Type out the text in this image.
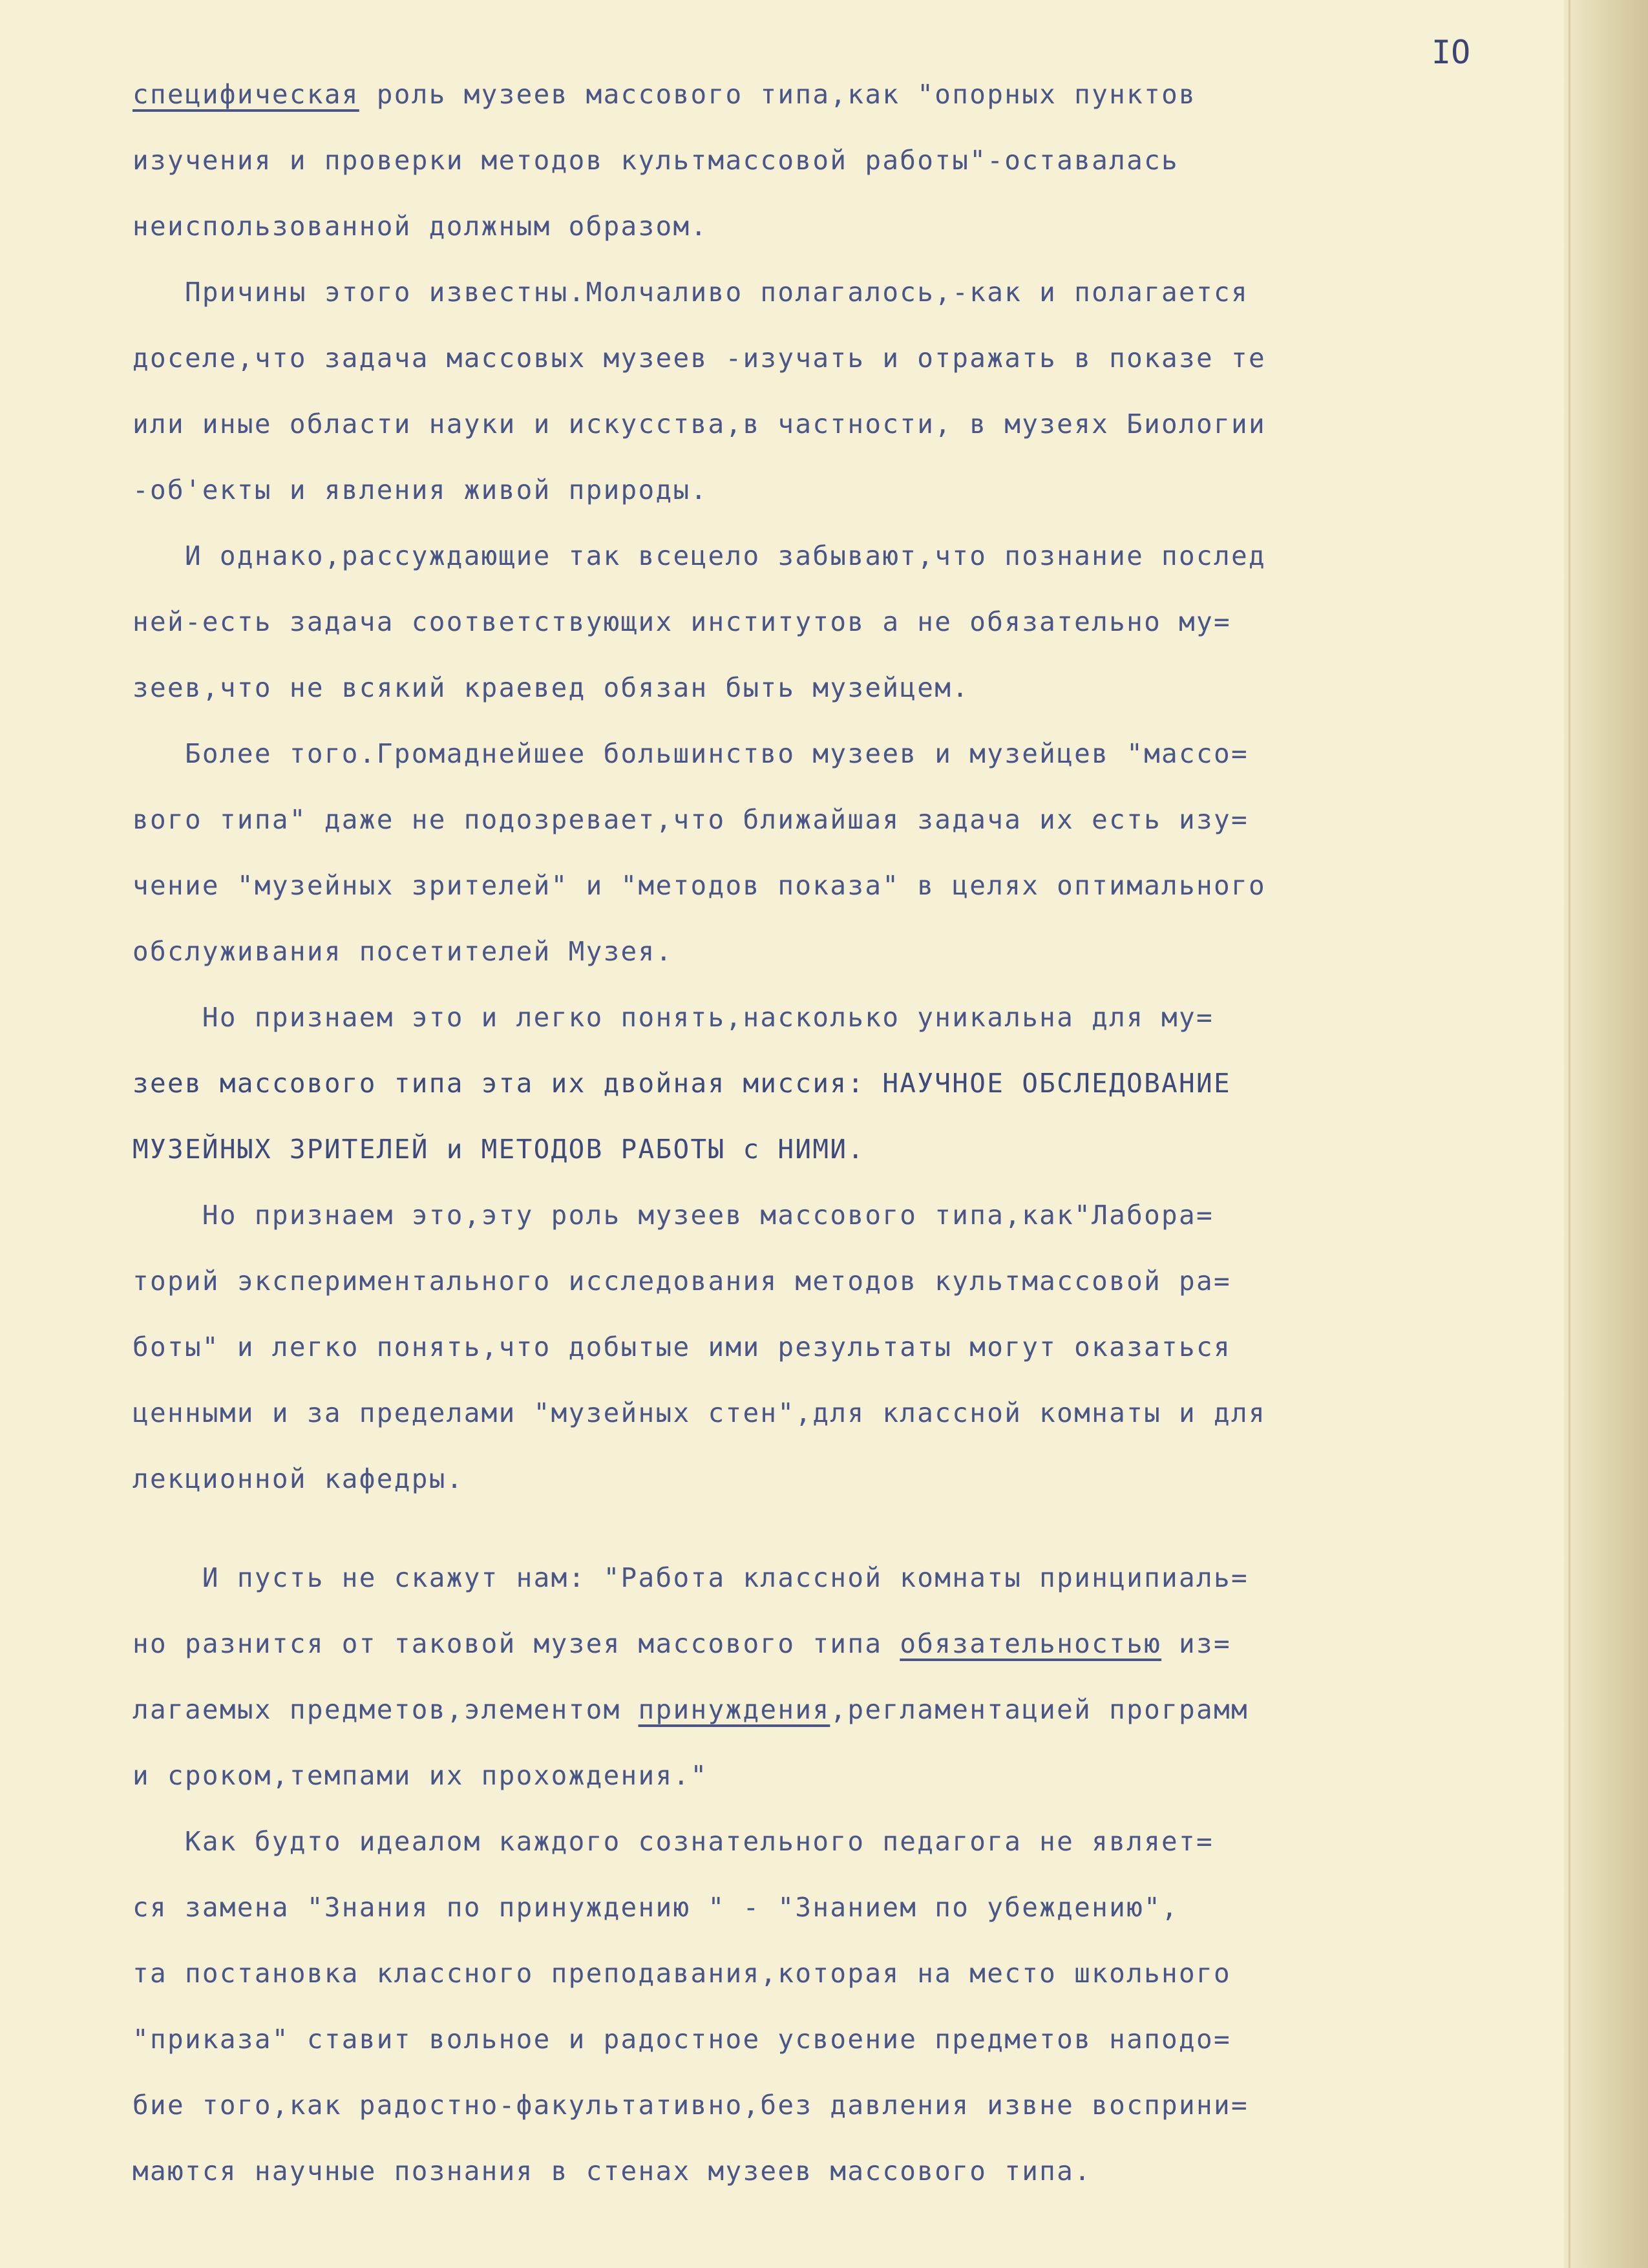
IO
специфическая роль музеев массового типа,как "опорных пунктов
изучения и проверки методов культмассовой работы"-оставалась
неиспользованной должным образом.
Причины этого известны.Молчаливо полагалось,-как и полагается
доселе,что задача массовых музеев -изучать и отражать в показе те
или иные области науки и искусства,в частности, в музеях Биологии
-об'екты и явления живой природы.
И однако,рассуждающие так всецело забывают,что познание послед
ней-есть задача соответствующих институтов а не обязательно му=
зеев,что не всякий краевед обязан быть музейцем.
Более того.Громаднейшее большинство музеев и музейцев "массо=
вого типа" даже не подозревает,что ближайшая задача их есть изу=
чение "музейных зрителей" и "методов показа" в целях оптимального
обслуживания посетителей Музея.
Но признаем это и легко понять,насколько уникальна для му=
зеев массового типа эта их двойная миссия: НАУЧНОЕ ОБСЛЕДОВАНИЕ
МУЗЕЙНЫХ ЗРИТЕЛЕЙ и МЕТОДОВ РАБОТЫ с НИМИ.
Но признаем это,эту роль музеев массового типа,как"Лабора=
торий экспериментального исследования методов культмассовой ра=
боты" и легко понять,что добытые ими результаты могут оказаться
ценными и за пределами "музейных стен",для классной комнаты и для
лекционной кафедры.
И пусть не скажут нам: "Работа классной комнаты принципиаль=
но разнится от таковой музея массового типа обязательностью из=
лагаемых предметов,элементом принуждения,регламентацией программ
и сроком,темпами их прохождения."
Как будто идеалом каждого сознательного педагога не являет=
ся замена "Знания по принуждению " - "Знанием по убеждению",
та постановка классного преподавания,которая на место школьного
"приказа" ставит вольное и радостное усвоение предметов наподо=
бие того,как радостно-факультативно,без давления извне восприни=
маются научные познания в стенах музеев массового типа.
